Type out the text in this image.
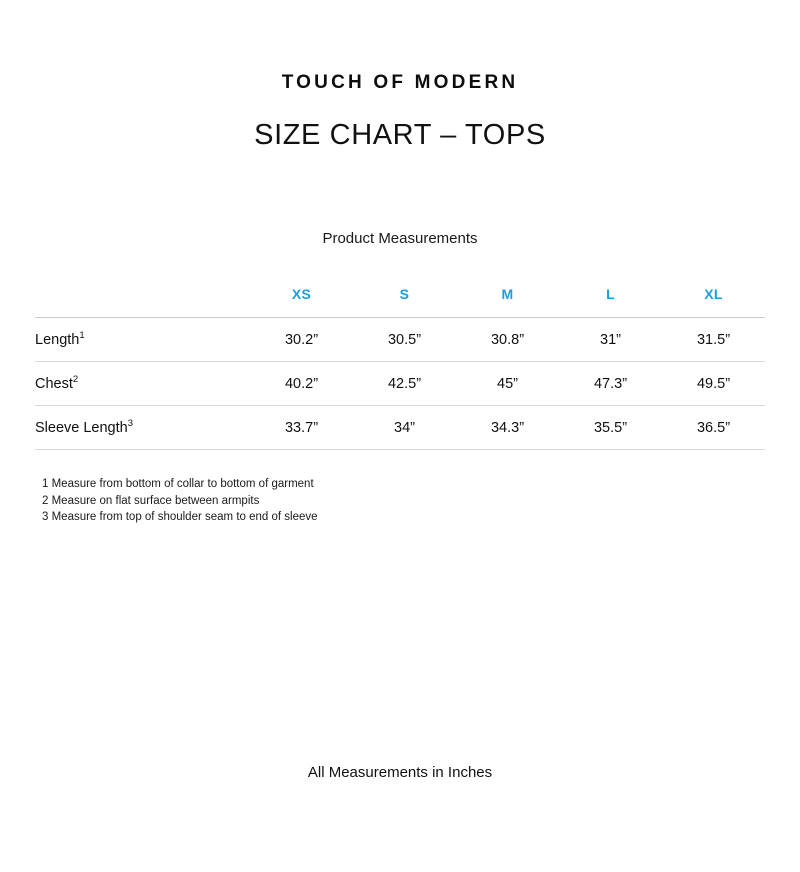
TOUCH OF MODERN
SIZE CHART – TOPS
Product Measurements
	XS	S	M	L	XL
Length$^1$	30.2”	30.5”	30.8”	31”	31.5”
Chest$^2$	40.2”	42.5”	45”	47.3”	49.5”
Sleeve Length$^3$	33.7”	34”	34.3”	35.5”	36.5”
1 Measure from bottom of collar to bottom of garment
2 Measure on flat surface between armpits
3 Measure from top of shoulder seam to end of sleeve
All Measurements in Inches
